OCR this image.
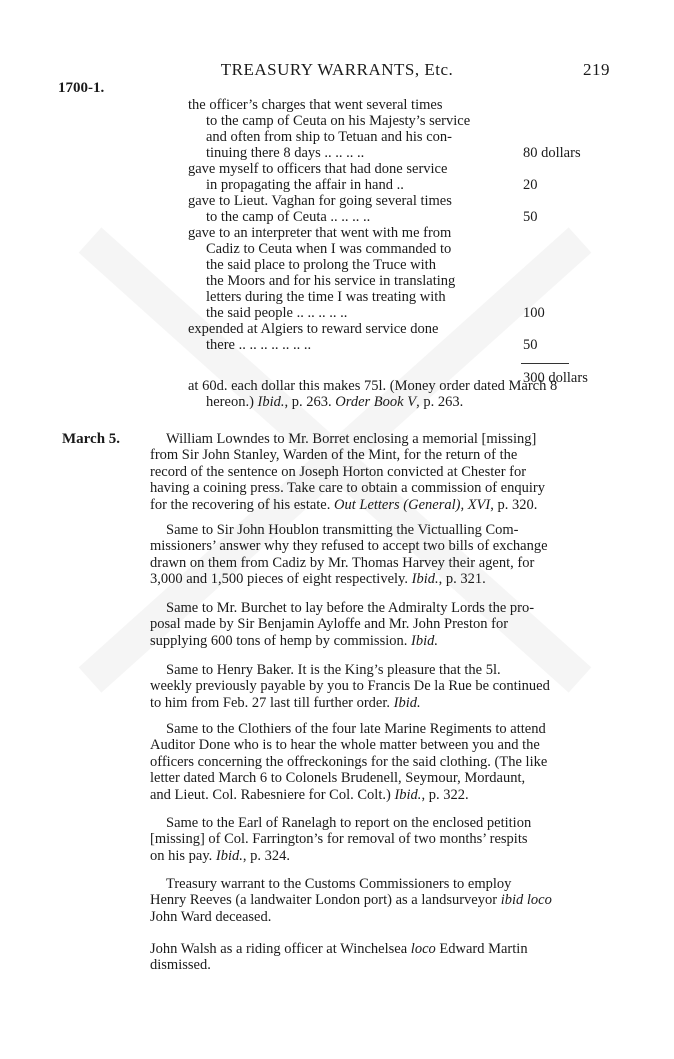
TREASURY WARRANTS, Etc.	219
1700-1.
the officer’s charges that went several times
to the camp of Ceuta on his Majesty’s service
and often from ship to Tetuan and his con-
tinuing there 8 days .. .. .. ..	80 dollars
gave myself to officers that had done service
in propagating the affair in hand ..	20
gave to Lieut. Vaghan for going several times
to the camp of Ceuta .. .. .. ..	50
gave to an interpreter that went with me from
Cadiz to Ceuta when I was commanded to
the said place to prolong the Truce with
the Moors and for his service in translating
letters during the time I was treating with
the said people .. .. .. .. ..	100
expended at Algiers to reward service done
there .. .. .. .. .. .. ..	50
300 dollars
at 60d. each dollar this makes 75l. (Money order dated March 8
hereon.) Ibid., p. 263. Order Book V, p. 263.
March 5.	William Lowndes to Mr. Borret enclosing a memorial [missing]
from Sir John Stanley, Warden of the Mint, for the return of the
record of the sentence on Joseph Horton convicted at Chester for
having a coining press. Take care to obtain a commission of enquiry
for the recovering of his estate. Out Letters (General), XVI, p. 320.
Same to Sir John Houblon transmitting the Victualling Com-
missioners’ answer why they refused to accept two bills of exchange
drawn on them from Cadiz by Mr. Thomas Harvey their agent, for
3,000 and 1,500 pieces of eight respectively. Ibid., p. 321.
Same to Mr. Burchet to lay before the Admiralty Lords the pro-
posal made by Sir Benjamin Ayloffe and Mr. John Preston for
supplying 600 tons of hemp by commission. Ibid.
Same to Henry Baker. It is the King’s pleasure that the 5l.
weekly previously payable by you to Francis De la Rue be continued
to him from Feb. 27 last till further order. Ibid.
Same to the Clothiers of the four late Marine Regiments to attend
Auditor Done who is to hear the whole matter between you and the
officers concerning the offreckonings for the said clothing. (The like
letter dated March 6 to Colonels Brudenell, Seymour, Mordaunt,
and Lieut. Col. Rabesniere for Col. Colt.) Ibid., p. 322.
Same to the Earl of Ranelagh to report on the enclosed petition
[missing] of Col. Farrington’s for removal of two months’ respits
on his pay. Ibid., p. 324.
Treasury warrant to the Customs Commissioners to employ
Henry Reeves (a landwaiter London port) as a landsurveyor ibid loco
John Ward deceased.
John Walsh as a riding officer at Winchelsea loco Edward Martin
dismissed.
